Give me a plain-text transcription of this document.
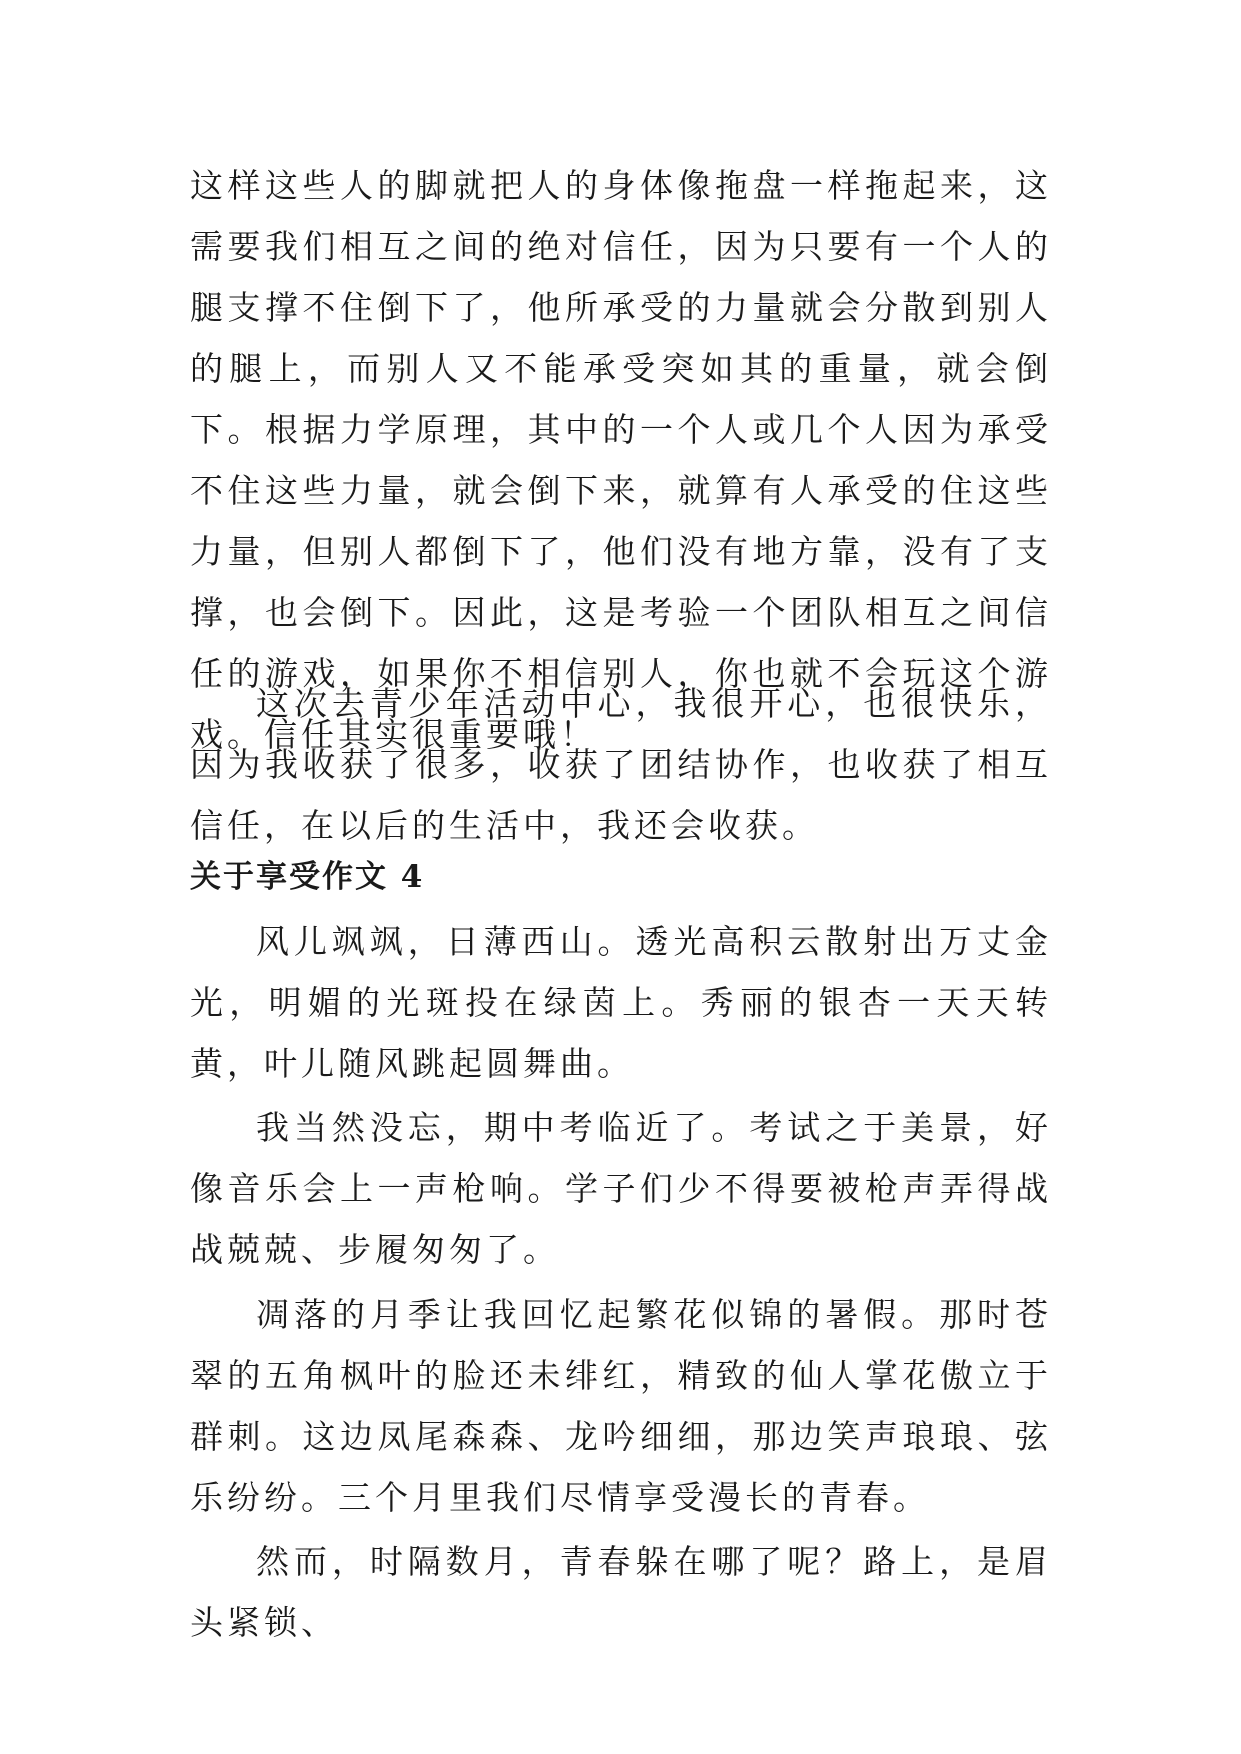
这样这些人的脚就把人的身体像拖盘一样拖起来，这需要我们相互之间的绝对信任，因为只要有一个人的腿支撑不住倒下了，他所承受的力量就会分散到别人的腿上，而别人又不能承受突如其的重量，就会倒下。根据力学原理，其中的一个人或几个人因为承受不住这些力量，就会倒下来，就算有人承受的住这些力量，但别人都倒下了，他们没有地方靠，没有了支撑，也会倒下。因此，这是考验一个团队相互之间信任的游戏，如果你不相信别人，你也就不会玩这个游戏。信任其实很重要哦！

这次去青少年活动中心，我很开心，也很快乐，因为我收获了很多，收获了团结协作，也收获了相互信任，在以后的生活中，我还会收获。

关于享受作文 4

风儿飒飒，日薄西山。透光高积云散射出万丈金光，明媚的光斑投在绿茵上。秀丽的银杏一天天转黄，叶儿随风跳起圆舞曲。

我当然没忘，期中考临近了。考试之于美景，好像音乐会上一声枪响。学子们少不得要被枪声弄得战战兢兢、步履匆匆了。

凋落的月季让我回忆起繁花似锦的暑假。那时苍翠的五角枫叶的脸还未绯红，精致的仙人掌花傲立于群刺。这边凤尾森森、龙吟细细，那边笑声琅琅、弦乐纷纷。三个月里我们尽情享受漫长的青春。

然而，时隔数月，青春躲在哪了呢？路上，是眉头紧锁、
